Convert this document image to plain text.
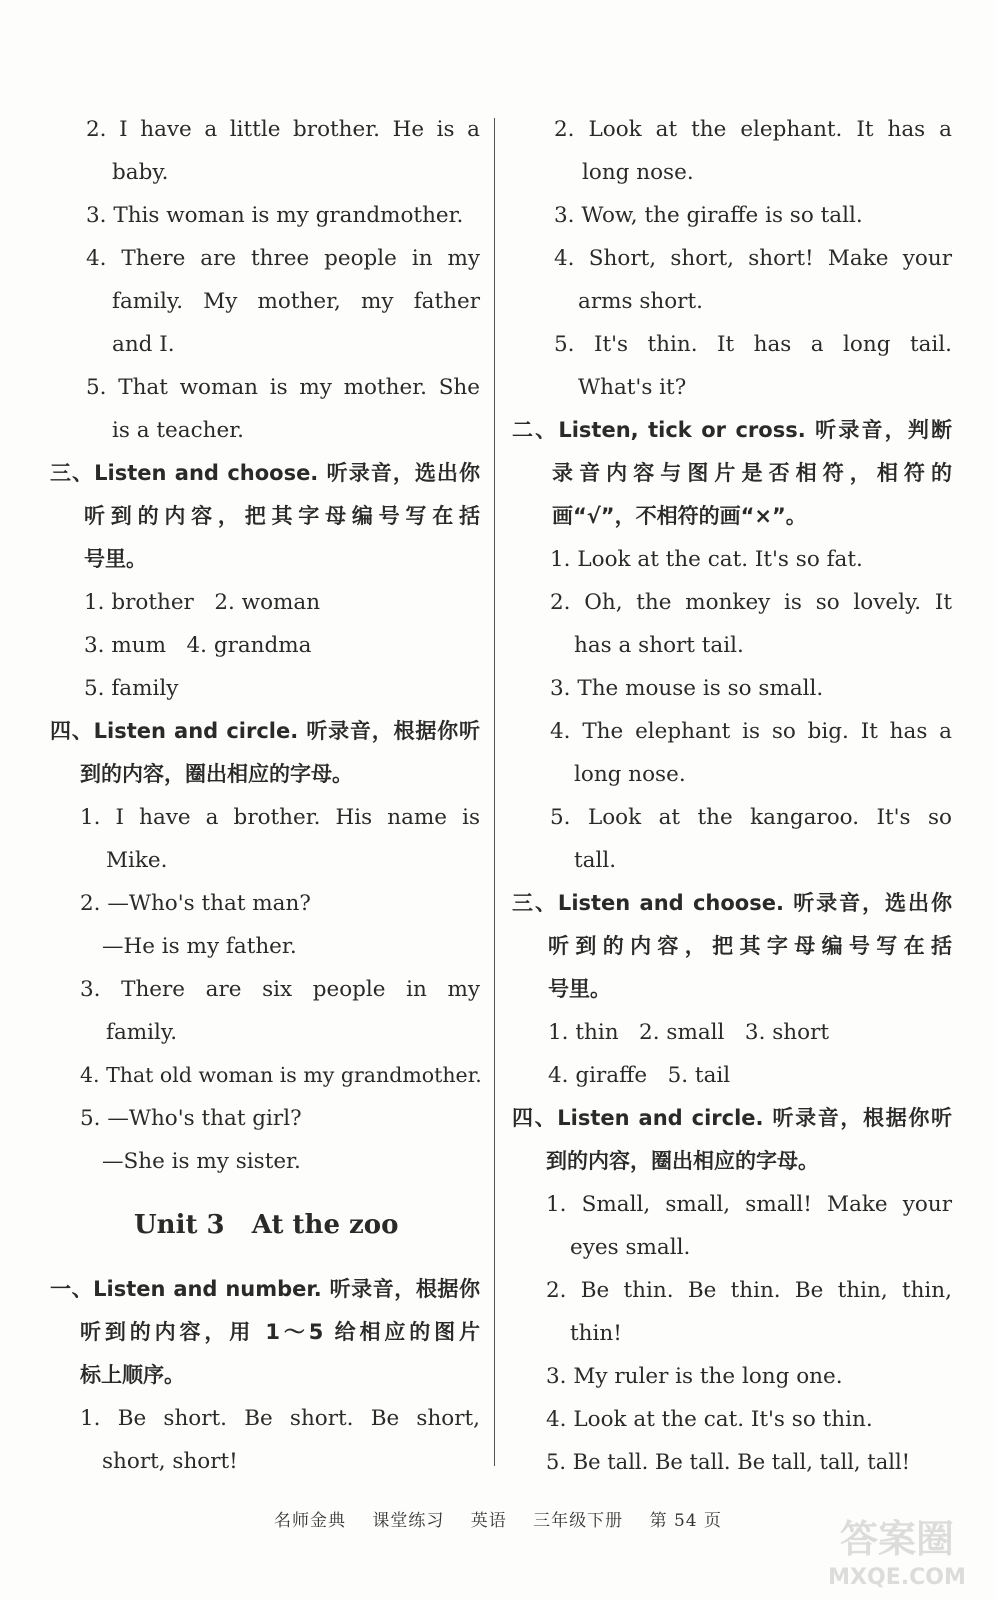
2. I have a little brother. He is a
baby.
3. This woman is my grandmother.
4. There are three people in my
family. My mother, my father
and I.
5. That woman is my mother. She
is a teacher.
三、Listen and choose. 听录音，选出你
听到的内容，把其字母编号写在括
号里。
1. brother   2. woman
3. mum   4. grandma
5. family
四、Listen and circle. 听录音，根据你听
到的内容，圈出相应的字母。
1. I have a brother. His name is
Mike.
2. —Who's that man?
—He is my father.
3. There are six people in my
family.
4. That old woman is my grandmother.
5. —Who's that girl?
—She is my sister.
Unit 3   At the zoo
一、Listen and number. 听录音，根据你
听到的内容，用 1～5 给相应的图片
标上顺序。
1. Be short. Be short. Be short,
short, short!
2. Look at the elephant. It has a
long nose.
3. Wow, the giraffe is so tall.
4. Short, short, short! Make your
arms short.
5. It's thin. It has a long tail.
What's it?
二、Listen, tick or cross. 听录音，判断
录音内容与图片是否相符，相符的
画“√”，不相符的画“×”。
1. Look at the cat. It's so fat.
2. Oh, the monkey is so lovely. It
has a short tail.
3. The mouse is so small.
4. The elephant is so big. It has a
long nose.
5. Look at the kangaroo. It's so
tall.
三、Listen and choose. 听录音，选出你
听到的内容，把其字母编号写在括
号里。
1. thin   2. small   3. short
4. giraffe   5. tail
四、Listen and circle. 听录音，根据你听
到的内容，圈出相应的字母。
1. Small, small, small! Make your
eyes small.
2. Be thin. Be thin. Be thin, thin,
thin!
3. My ruler is the long one.
4. Look at the cat. It's so thin.
5. Be tall. Be tall. Be tall, tall, tall!
名师金典 课堂练习 英语 三年级下册 第 54 页	答案圈
MXQE.COM
